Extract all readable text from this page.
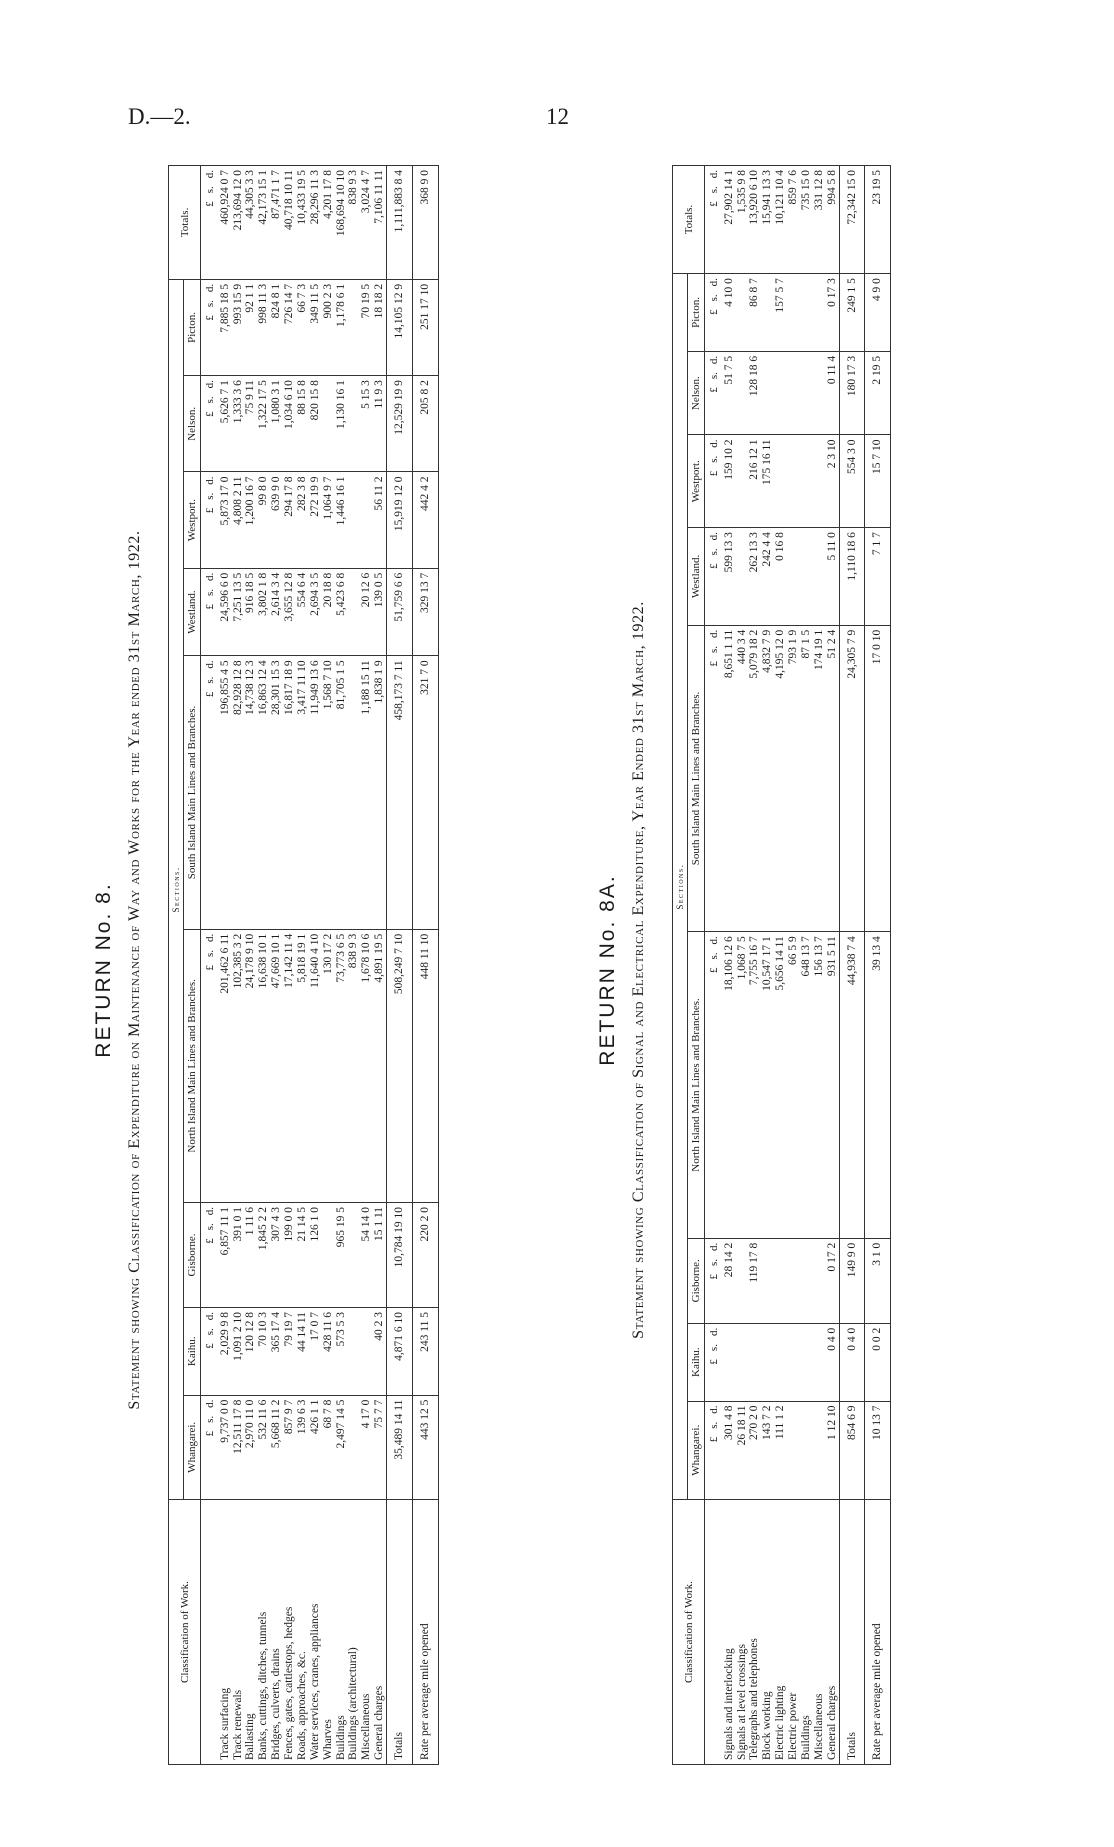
D.—2.	12
RETURN No. 8. Statement showing Classification of Expenditure on Maintenance of Way and Works for the Year ended 31st March, 1922.
Classification of Work.	Sections.									Totals.
	Whangarei.	Kaihu.	Gisborne.	North Island Main Lines and Branches.	South Island Main Lines and Branches.	Westland.	Westport.	Nelson.	Picton.	
	£s.d.	£s.d.	£s.d.	£s.d.	£s.d.	£s.d.	£s.d.	£s.d.	£s.d.	£s.d.
Track surfacing	9,737 0 0	2,029 9 8	6,857 11 1	201,462 6 11	196,855 4 5	24,596 6 0	5,873 17 0	5,626 7 1	7,885 18 5	460,924 0 7
Track renewals	12,511 17 8	1,091 2 10	391 0 1	102,385 3 2	82,928 12 8	7,251 13 5	4,808 2 11	1,333 3 6	993 15 9	213,694 12 0
Ballasting	2,970 11 0	120 12 8	1 11 6	24,178 9 10	14,738 12 3	916 18 5	1,200 16 7	75 9 11	92 1 1	44,305 3 3
Banks, cuttings, ditches, tunnels	532 11 6	70 10 3	1,845 2 2	16,638 10 1	16,863 12 4	3,802 1 8	99 8 0	1,322 17 5	998 11 3	42,173 15 1
Bridges, culverts, drains	5,668 11 2	365 17 4	307 4 3	47,669 10 1	28,301 15 3	2,614 3 4	639 9 0	1,080 3 1	824 8 1	87,471 1 7
Fences, gates, cattlestops, hedges	857 9 7	79 19 7	199 0 0	17,142 11 4	16,817 18 9	3,655 12 8	294 17 8	1,034 6 10	726 14 7	40,718 10 11
Roads, approaches, &c.	139 6 3	44 14 11	21 14 5	5,818 19 1	3,417 11 10	554 6 4	282 3 8	88 15 8	66 7 3	10,433 19 5
Water services, cranes, appliances	426 1 1	17 0 7	126 1 0	11,640 4 10	11,949 13 6	2,694 3 5	272 19 9	820 15 8	349 11 5	28,296 11 3
Wharves	68 7 8	428 11 6		130 17 2	1,568 7 10	20 18 8	1,064 9 7		900 2 3	4,201 17 8
Buildings	2,497 14 5	573 5 3	965 19 5	73,773 6 5	81,705 1 5	5,423 6 8	1,446 16 1	1,130 16 1	1,178 6 1	168,694 10 10
Buildings (architectural)				838 9 3						838 9 3
Miscellaneous	4 17 0		54 14 0	1,678 10 6	1,188 15 11	20 12 6		5 15 3	70 19 5	3,024 4 7
General charges	75 7 7	40 2 3	15 1 11	4,891 19 5	1,838 1 9	139 0 5	56 11 2	11 9 3	18 18 2	7,106 11 11
Totals	35,489 14 11	4,871 6 10	10,784 19 10	508,249 7 10	458,173 7 11	51,759 6 6	15,919 12 0	12,529 19 9	14,105 12 9	1,111,883 8 4
Rate per average mile opened	443 12 5	243 11 5	220 2 0	448 11 10	321 7 0	329 13 7	442 4 2	205 8 2	251 17 10	368 9 0
RETURN No. 8A. Statement showing Classification of Signal and Electrical Expenditure, Year Ended 31st March, 1922.
Classification of Work.	Sections.									Totals.
	Whangarei.	Kaihu.	Gisborne.	North Island Main Lines and Branches.	South Island Main Lines and Branches.	Westland.	Westport.	Nelson.	Picton.	
	£s.d.	£s.d.	£s.d.	£s.d.	£s.d.	£s.d.	£s.d.	£s.d.	£s.d.	£s.d.
Signals and interlocking	301 4 8		28 14 2	18,106 12 6	8,651 1 11	599 13 3	159 10 2	51 7 5	4 10 0	27,902 14 1
Signals at level crossings	26 18 11			1,068 7 5	440 3 4					1,535 9 8
Telegraphs and telephones	270 2 0		119 17 8	7,755 16 7	5,079 18 2	262 13 3	216 12 1	128 18 6	86 8 7	13,920 6 10
Block working	143 7 2			10,547 17 1	4,832 7 9	242 4 4	175 16 11			15,941 13 3
Electric lighting	111 1 2			5,656 14 11	4,195 12 0	0 16 8			157 5 7	10,121 10 4
Electric power				66 5 9	793 1 9					859 7 6
Buildings				648 13 7	87 1 5					735 15 0
Miscellaneous				156 13 7	174 19 1					331 12 8
General charges	1 12 10	0 4 0	0 17 2	931 5 11	51 2 4	5 11 0	2 3 10	0 11 4	0 17 3	994 5 8
Totals	854 6 9	0 4 0	149 9 0	44,938 7 4	24,305 7 9	1,110 18 6	554 3 0	180 17 3	249 1 5	72,342 15 0
Rate per average mile opened	10 13 7	0 0 2	3 1 0	39 13 4	17 0 10	7 1 7	15 7 10	2 19 5	4 9 0	23 19 5
